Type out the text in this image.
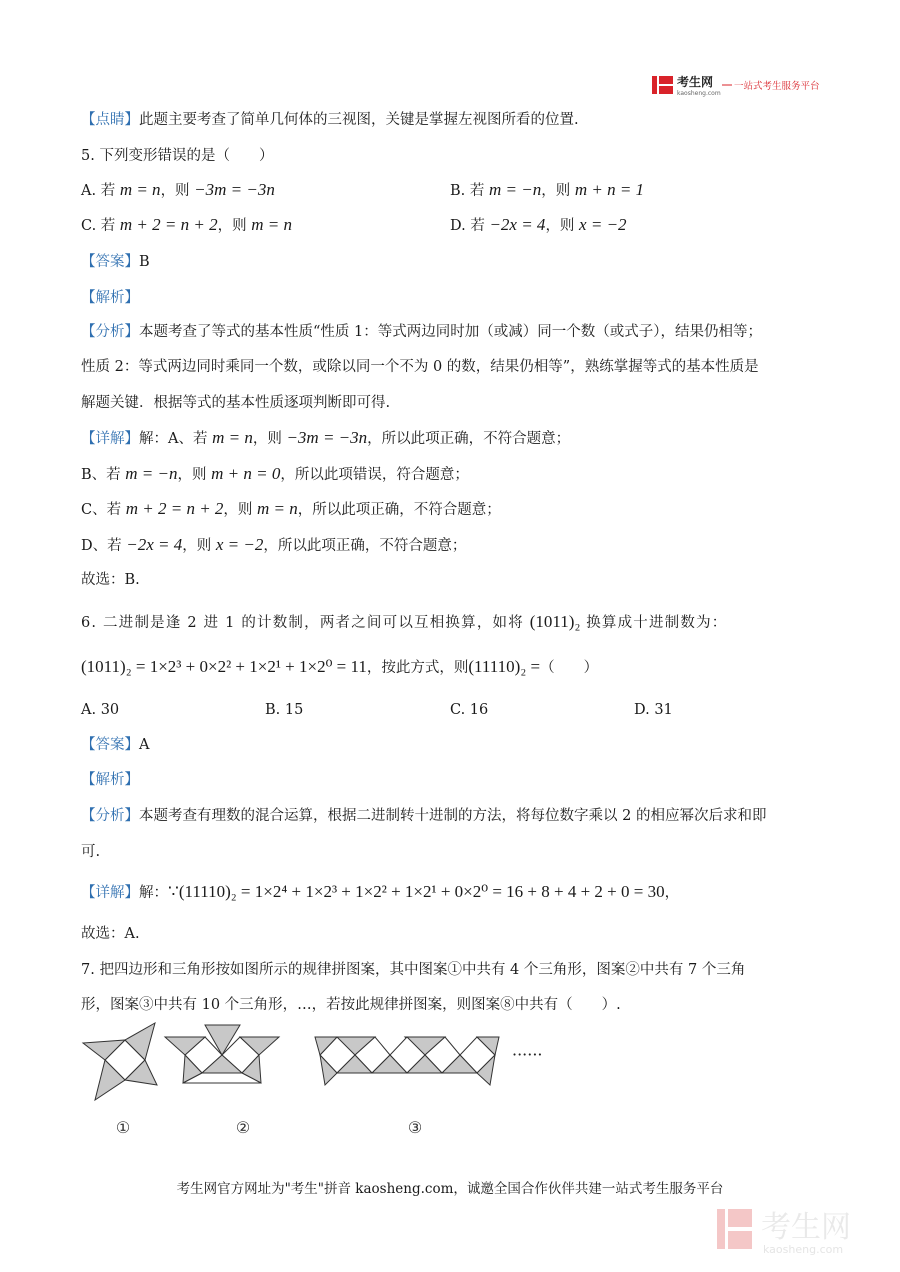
考生网
kaosheng.com
一站式考生服务平台
【点睛】此题主要考查了简单几何体的三视图，关键是掌握左视图所看的位置.
5. 下列变形错误的是（　　）
A. 若 m = n，则 −3m = −3n	B. 若 m = −n，则 m + n = 1
C. 若 m + 2 = n + 2，则 m = n	D. 若 −2x = 4，则 x = −2
【答案】B
【解析】
【分析】本题考查了等式的基本性质“性质 1：等式两边同时加（或减）同一个数（或式子），结果仍相等；
性质 2：等式两边同时乘同一个数，或除以同一个不为 0 的数，结果仍相等”，熟练掌握等式的基本性质是
解题关键．根据等式的基本性质逐项判断即可得.
【详解】解：A、若 m = n，则 −3m = −3n，所以此项正确，不符合题意；
B、若 m = −n，则 m + n = 0，所以此项错误，符合题意；
C、若 m + 2 = n + 2，则 m = n，所以此项正确，不符合题意；
D、若 −2x = 4，则 x = −2，所以此项正确，不符合题意；
故选：B.
6. 二进制是逢 2 进 1 的计数制，两者之间可以互相换算，如将 (1011)₂ 换算成十进制数为：
(1011)₂ = 1×2³ + 0×2² + 1×2¹ + 1×2⁰ = 11，按此方式，则(11110)₂ =（　　）
A. 30	B. 15	C. 16	D. 31
【答案】A
【解析】
【分析】本题考查有理数的混合运算，根据二进制转十进制的方法，将每位数字乘以 2 的相应幂次后求和即
可.
【详解】解：∵(11110)₂ = 1×2⁴ + 1×2³ + 1×2² + 1×2¹ + 0×2⁰ = 16 + 8 + 4 + 2 + 0 = 30，
故选：A.
7. 把四边形和三角形按如图所示的规律拼图案，其中图案①中共有 4 个三角形，图案②中共有 7 个三角
形，图案③中共有 10 个三角形，…，若按此规律拼图案，则图案⑧中共有（　　）.
①	②	③
······
考生网官方网址为"考生"拼音 kaosheng.com，诚邀全国合作伙伴共建一站式考生服务平台
考生网
kaosheng.com
